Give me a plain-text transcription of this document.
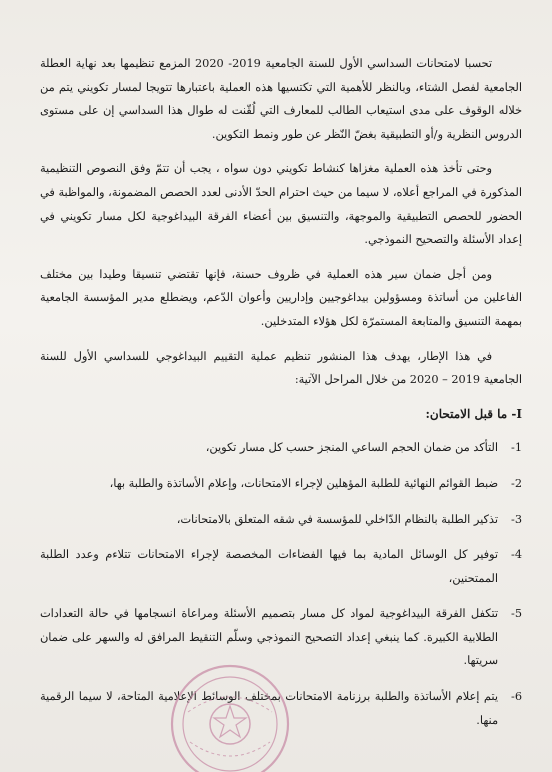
تحسبا لامتحانات السداسي الأول للسنة الجامعية 2019- 2020 المزمع تنظيمها بعد نهاية العطلة الجامعية لفصل الشتاء، وبالنظر للأهمية التي تكتسيها هذه العملية باعتبارها تتويجا لمسار تكويني يتم من خلاله الوقوف على مدى استيعاب الطالب للمعارف التي لُقّنت له طوال هذا السداسي إن على مستوى الدروس النظرية و/أو التطبيقية بغضّ النّظر عن طور ونمط التكوين.

وحتى تأخذ هذه العملية مغزاها كنشاط تكويني دون سواه ، يجب أن تتمّ وفق النصوص التنظيمية المذكورة في المراجع أعلاه، لا سيما من حيث احترام الحدّ الأدنى لعدد الحصص المضمونة، والمواظبة في الحضور للحصص التطبيقية والموجهة، والتنسيق بين أعضاء الفرقة البيداغوجية لكل مسار تكويني في إعداد الأسئلة والتصحيح النموذجي.

ومن أجل ضمان سير هذه العملية في ظروف حسنة، فإنها تقتضي تنسيقا وطيدا بين مختلف الفاعلين من أساتذة ومسؤولين بيداغوجيين وإداريين وأعوان الدّعم، ويضطلع مدير المؤسسة الجامعية بمهمة التنسيق والمتابعة المستمرّة لكل هؤلاء المتدخلين.

في هذا الإطار، يهدف هذا المنشور تنظيم عملية التقييم البيداغوجي للسداسي الأول للسنة الجامعية 2019 – 2020 من خلال المراحل الآتية:

I- ما قبل الامتحان:
1-
التأكد من ضمان الحجم الساعي المنجز حسب كل مسار تكوين،
2-
ضبط القوائم النهائية للطلبة المؤهلين لإجراء الامتحانات، وإعلام الأساتذة والطلبة بها،
3-
تذكير الطلبة بالنظام الدّاخلي للمؤسسة في شقه المتعلق بالامتحانات،
4-
توفير كل الوسائل المادية بما فيها الفضاءات المخصصة لإجراء الامتحانات تتلاءم وعدد الطلبة الممتحنين،
5-
تتكفل الفرقة البيداغوجية لمواد كل مسار بتصميم الأسئلة ومراعاة انسجامها في حالة التعدادات الطلابية الكبيرة. كما ينبغي إعداد التصحيح النموذجي وسلّم التنقيط المرافق له والسهر على ضمان سريتها.
6-
يتم إعلام الأساتذة والطلبة برزنامة الامتحانات بمختلف الوسائط الإعلامية المتاحة، لا سيما الرقمية منها.
